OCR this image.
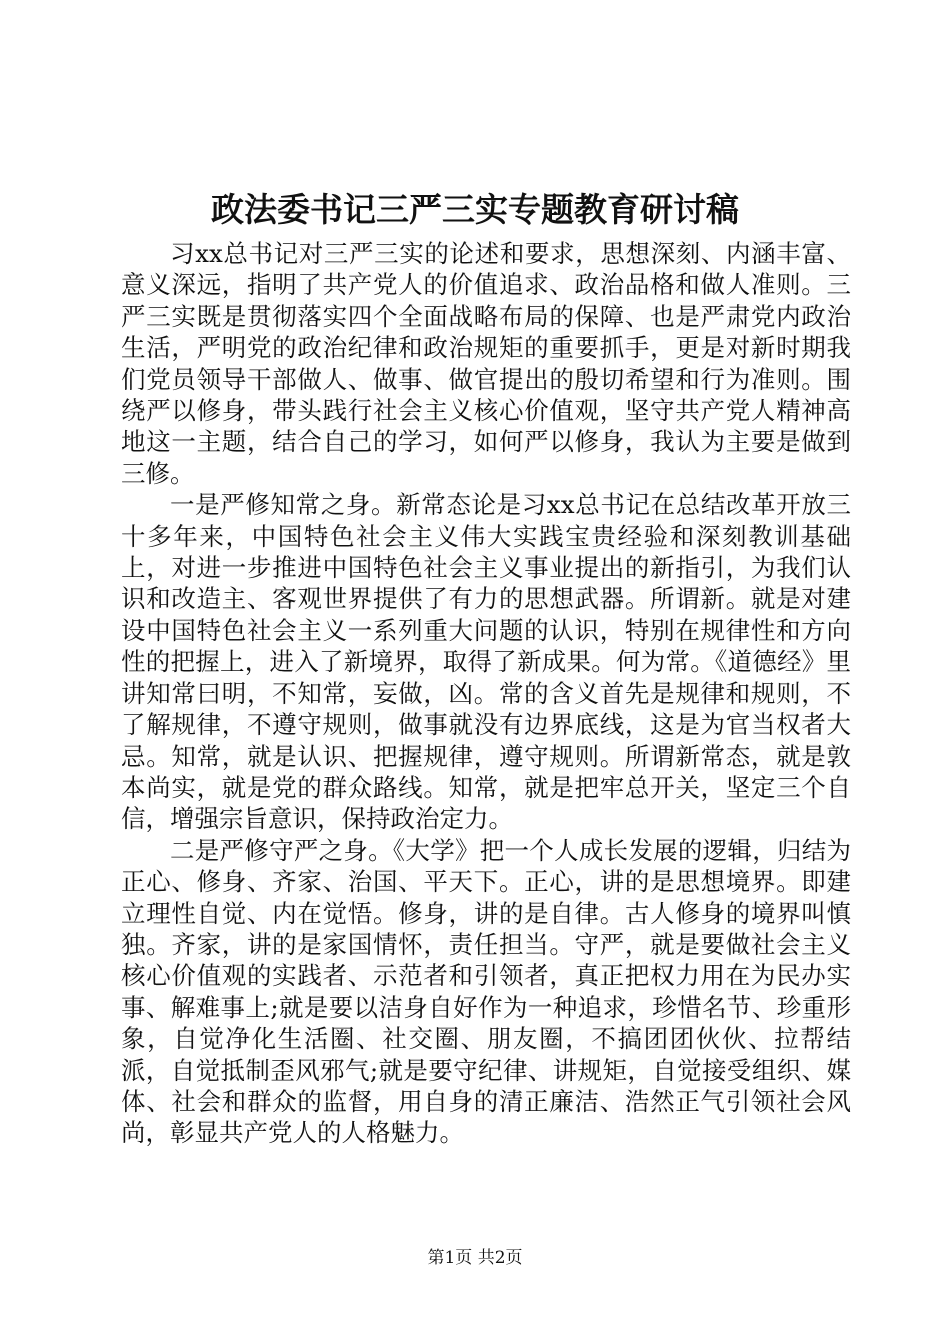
政法委书记三严三实专题教育研讨稿

习xx总书记对三严三实的论述和要求，思想深刻、内涵丰富、意义深远，指明了共产党人的价值追求、政治品格和做人准则。三严三实既是贯彻落实四个全面战略布局的保障、也是严肃党内政治生活，严明党的政治纪律和政治规矩的重要抓手，更是对新时期我们党员领导干部做人、做事、做官提出的殷切希望和行为准则。围绕严以修身，带头践行社会主义核心价值观，坚守共产党人精神高地这一主题，结合自己的学习，如何严以修身，我认为主要是做到三修。

一是严修知常之身。新常态论是习xx总书记在总结改革开放三十多年来，中国特色社会主义伟大实践宝贵经验和深刻教训基础上，对进一步推进中国特色社会主义事业提出的新指引，为我们认识和改造主、客观世界提供了有力的思想武器。所谓新。就是对建设中国特色社会主义一系列重大问题的认识，特别在规律性和方向性的把握上，进入了新境界，取得了新成果。何为常。《道德经》里讲知常曰明，不知常，妄做，凶。常的含义首先是规律和规则，不了解规律，不遵守规则，做事就没有边界底线，这是为官当权者大忌。知常，就是认识、把握规律，遵守规则。所谓新常态，就是敦本尚实，就是党的群众路线。知常，就是把牢总开关，坚定三个自信，增强宗旨意识，保持政治定力。

二是严修守严之身。《大学》把一个人成长发展的逻辑，归结为正心、修身、齐家、治国、平天下。正心，讲的是思想境界。即建立理性自觉、内在觉悟。修身，讲的是自律。古人修身的境界叫慎独。齐家，讲的是家国情怀，责任担当。守严，就是要做社会主义核心价值观的实践者、示范者和引领者，真正把权力用在为民办实事、解难事上;就是要以洁身自好作为一种追求，珍惜名节、珍重形象，自觉净化生活圈、社交圈、朋友圈，不搞团团伙伙、拉帮结派，自觉抵制歪风邪气;就是要守纪律、讲规矩，自觉接受组织、媒体、社会和群众的监督，用自身的清正廉洁、浩然正气引领社会风尚，彰显共产党人的人格魅力。

第1页 共2页
